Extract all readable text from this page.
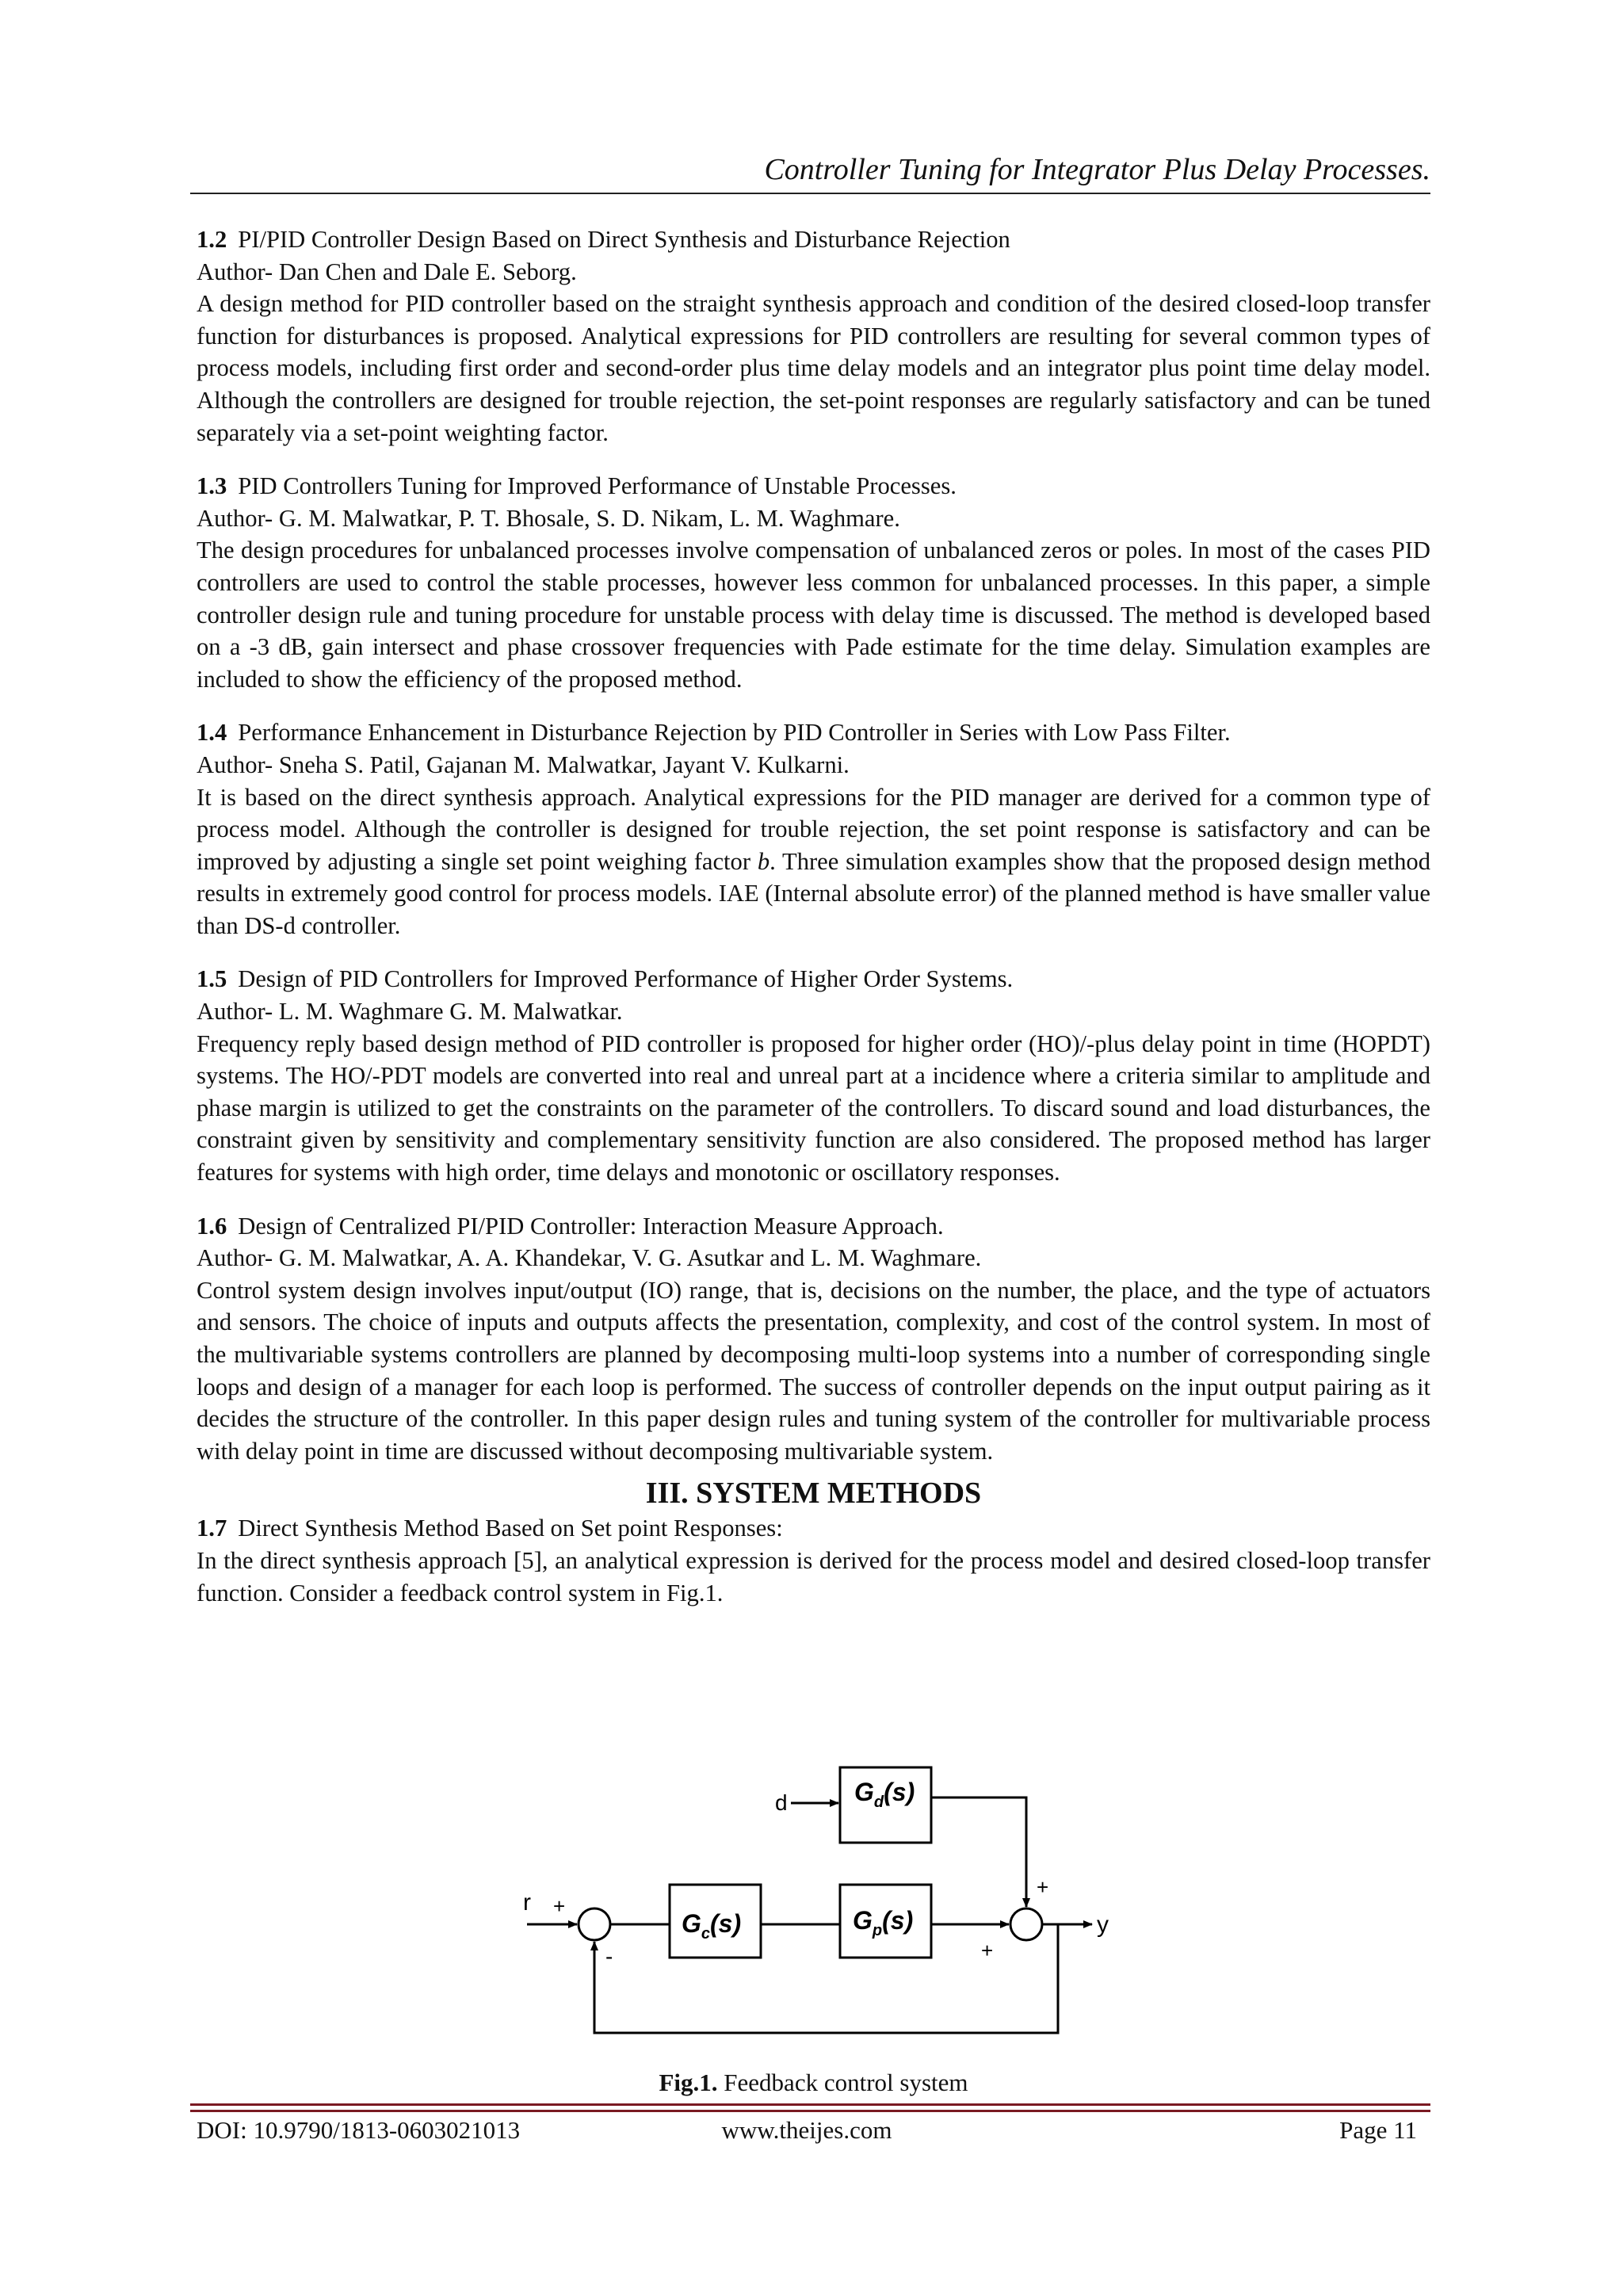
Controller Tuning for Integrator Plus Delay Processes.

1.2 PI/PID Controller Design Based on Direct Synthesis and Disturbance Rejection

Author- Dan Chen and Dale E. Seborg.

A design method for PID controller based on the straight synthesis approach and condition of the desired closed-loop transfer function for disturbances is proposed. Analytical expressions for PID controllers are resulting for several common types of process models, including first order and second-order plus time delay models and an integrator plus point time delay model. Although the controllers are designed for trouble rejection, the set-point responses are regularly satisfactory and can be tuned separately via a set-point weighting factor.

1.3 PID Controllers Tuning for Improved Performance of Unstable Processes.

Author- G. M. Malwatkar, P. T. Bhosale, S. D. Nikam, L. M. Waghmare.

The design procedures for unbalanced processes involve compensation of unbalanced zeros or poles. In most of the cases PID controllers are used to control the stable processes, however less common for unbalanced processes. In this paper, a simple controller design rule and tuning procedure for unstable process with delay time is discussed. The method is developed based on a -3 dB, gain intersect and phase crossover frequencies with Pade estimate for the time delay. Simulation examples are included to show the efficiency of the proposed method.

1.4 Performance Enhancement in Disturbance Rejection by PID Controller in Series with Low Pass Filter.

Author- Sneha S. Patil, Gajanan M. Malwatkar, Jayant V. Kulkarni.

It is based on the direct synthesis approach. Analytical expressions for the PID manager are derived for a common type of process model. Although the controller is designed for trouble rejection, the set point response is satisfactory and can be improved by adjusting a single set point weighing factor b. Three simulation examples show that the proposed design method results in extremely good control for process models. IAE (Internal absolute error) of the planned method is have smaller value than DS-d controller.

1.5 Design of PID Controllers for Improved Performance of Higher Order Systems.

Author- L. M. Waghmare G. M. Malwatkar.

Frequency reply based design method of PID controller is proposed for higher order (HO)/-plus delay point in time (HOPDT) systems. The HO/-PDT models are converted into real and unreal part at a incidence where a criteria similar to amplitude and phase margin is utilized to get the constraints on the parameter of the controllers. To discard sound and load disturbances, the constraint given by sensitivity and complementary sensitivity function are also considered. The proposed method has larger features for systems with high order, time delays and monotonic or oscillatory responses.

1.6 Design of Centralized PI/PID Controller: Interaction Measure Approach.

Author- G. M. Malwatkar, A. A. Khandekar, V. G. Asutkar and L. M. Waghmare.

Control system design involves input/output (IO) range, that is, decisions on the number, the place, and the type of actuators and sensors. The choice of inputs and outputs affects the presentation, complexity, and cost of the control system. In most of the multivariable systems controllers are planned by decomposing multi-loop systems into a number of corresponding single loops and design of a manager for each loop is performed. The success of controller depends on the input output pairing as it decides the structure of the controller. In this paper design rules and tuning system of the controller for multivariable process with delay point in time are discussed without decomposing multivariable system.

III. SYSTEM METHODS

1.7 Direct Synthesis Method Based on Set point Responses:

In the direct synthesis approach [5], an analytical expression is derived for the process model and desired closed-loop transfer function. Consider a feedback control system in Fig.1.

$G_d(s)$
$G_c(s)$	$G_p(s)$
d
r
y
+
-
+
+
Fig.1. Feedback control system
DOI: 10.9790/1813-0603021013	www.theijes.com	Page 11
